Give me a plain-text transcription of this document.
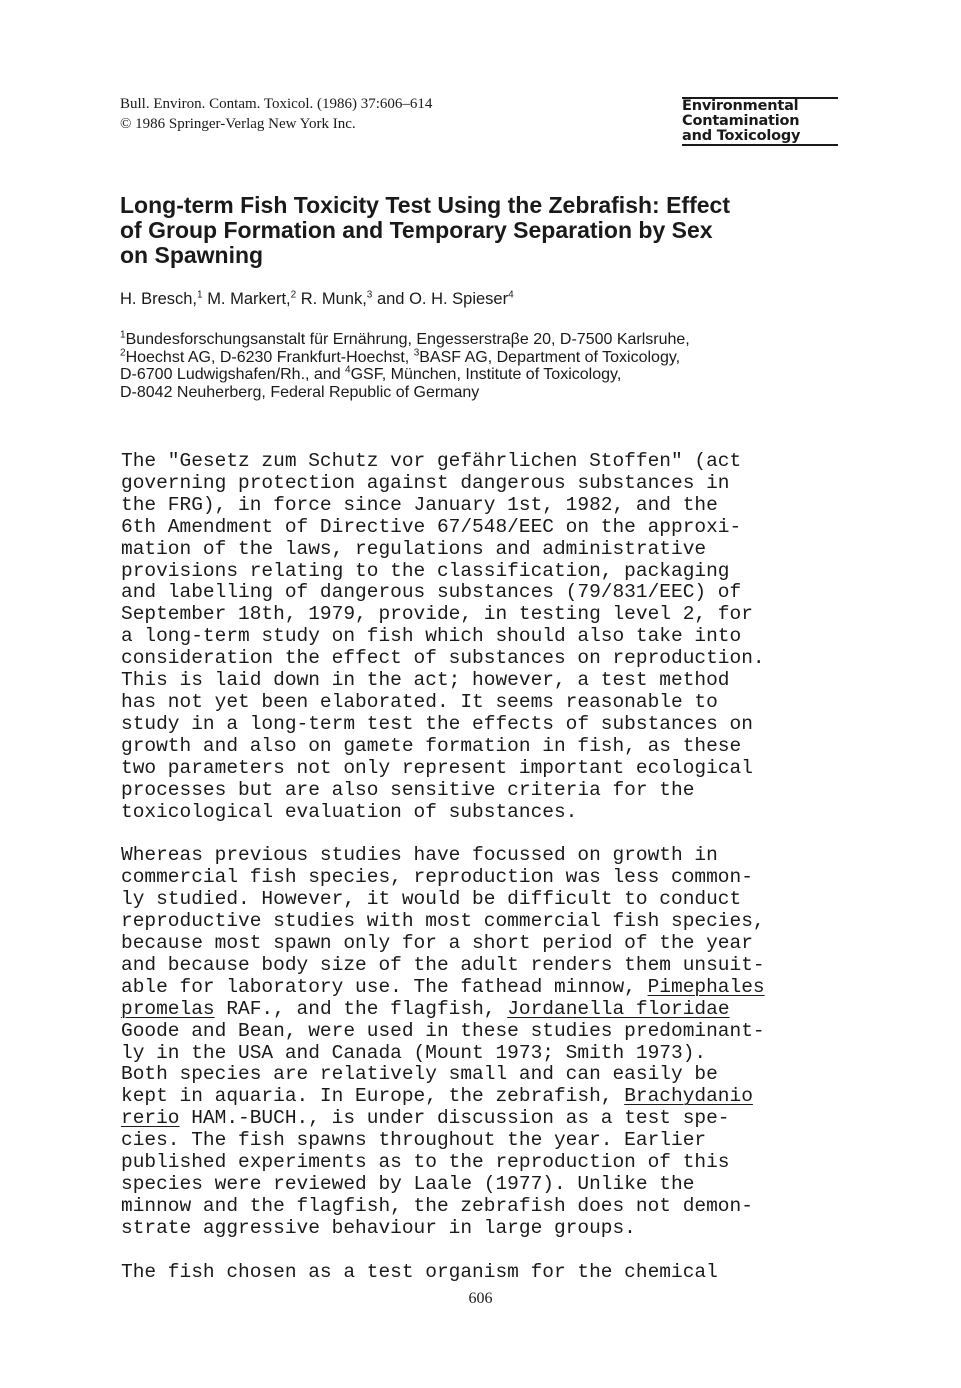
Bull. Environ. Contam. Toxicol. (1986) 37:606–614
© 1986 Springer-Verlag New York Inc.
Environmental
Contamination
and Toxicology
Long-term Fish Toxicity Test Using the Zebrafish: Effect
of Group Formation and Temporary Separation by Sex
on Spawning
H. Bresch,$^1$ M. Markert,$^2$ R. Munk,$^3$ and O. H. Spieser$^4$
$^1$Bundesforschungsanstalt für Ernährung, Engesserstraβe 20, D-7500 Karlsruhe,
$^2$Hoechst AG, D-6230 Frankfurt-Hoechst, $^3$BASF AG, Department of Toxicology,
D-6700 Ludwigshafen/Rh., and $^4$GSF, München, Institute of Toxicology,
D-8042 Neuherberg, Federal Republic of Germany

The "Gesetz zum Schutz vor gefährlichen Stoffen" (act
governing protection against dangerous substances in
the FRG), in force since January 1st, 1982, and the
6th Amendment of Directive 67/548/EEC on the approxi-
mation of the laws, regulations and administrative
provisions relating to the classification, packaging
and labelling of dangerous substances (79/831/EEC) of
September 18th, 1979, provide, in testing level 2, for
a long-term study on fish which should also take into
consideration the effect of substances on reproduction.
This is laid down in the act; however, a test method
has not yet been elaborated. It seems reasonable to
study in a long-term test the effects of substances on
growth and also on gamete formation in fish, as these
two parameters not only represent important ecological
processes but are also sensitive criteria for the
toxicological evaluation of substances.

Whereas previous studies have focussed on growth in
commercial fish species, reproduction was less common-
ly studied. However, it would be difficult to conduct
reproductive studies with most commercial fish species,
because most spawn only for a short period of the year
and because body size of the adult renders them unsuit-
able for laboratory use. The fathead minnow, Pimephales
promelas RAF., and the flagfish, Jordanella floridae
Goode and Bean, were used in these studies predominant-
ly in the USA and Canada (Mount 1973; Smith 1973).
Both species are relatively small and can easily be
kept in aquaria. In Europe, the zebrafish, Brachydanio
rerio HAM.-BUCH., is under discussion as a test spe-
cies. The fish spawns throughout the year. Earlier
published experiments as to the reproduction of this
species were reviewed by Laale (1977). Unlike the
minnow and the flagfish, the zebrafish does not demon-
strate aggressive behaviour in large groups.

The fish chosen as a test organism for the chemical

606
